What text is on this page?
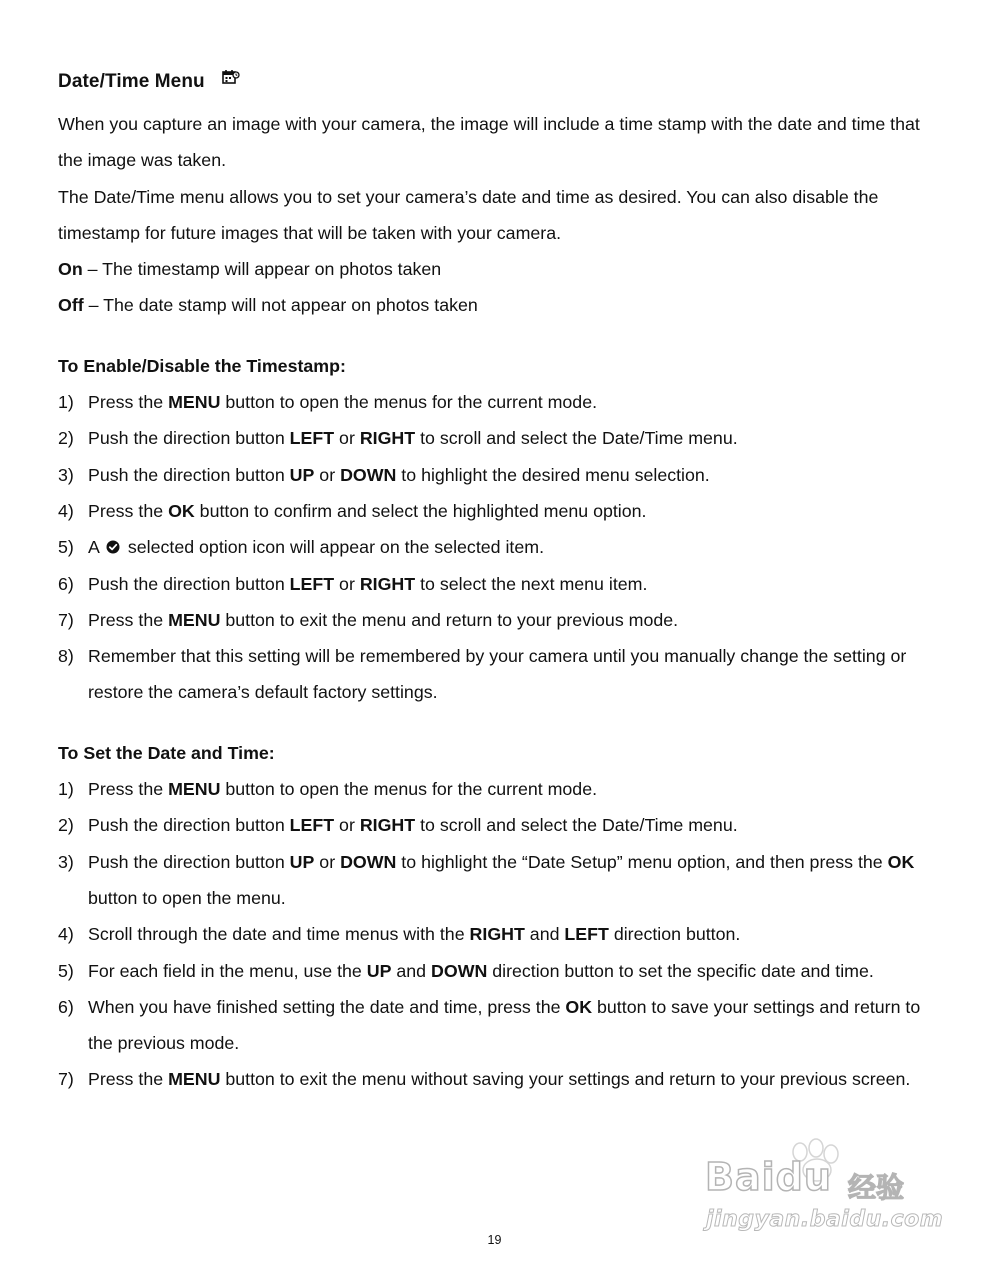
Date/Time Menu

When you capture an image with your camera, the image will include a time stamp with the date and time that the image was taken.

The Date/Time menu allows you to set your camera’s date and time as desired. You can also disable the timestamp for future images that will be taken with your camera.

On – The timestamp will appear on photos taken

Off – The date stamp will not appear on photos taken

To Enable/Disable the Timestamp:

1) Press the MENU button to open the menus for the current mode.
2) Push the direction button LEFT or RIGHT to scroll and select the Date/Time menu.
3) Push the direction button UP or DOWN to highlight the desired menu selection.
4) Press the OK button to confirm and select the highlighted menu option.
5) A selected option icon will appear on the selected item.
6) Push the direction button LEFT or RIGHT to select the next menu item.
7) Press the MENU button to exit the menu and return to your previous mode.
8) Remember that this setting will be remembered by your camera until you manually change the setting or restore the camera’s default factory settings.

To Set the Date and Time:

1) Press the MENU button to open the menus for the current mode.
2) Push the direction button LEFT or RIGHT to scroll and select the Date/Time menu.
3) Push the direction button UP or DOWN to highlight the “Date Setup” menu option, and then press the OK button to open the menu.
4) Scroll through the date and time menus with the RIGHT and LEFT direction button.
5) For each field in the menu, use the UP and DOWN direction button to set the specific date and time.
6) When you have finished setting the date and time, press the OK button to save your settings and return to the previous mode.
7) Press the MENU button to exit the menu without saving your settings and return to your previous screen.
Baidu 经验
jingyan.baidu.com
19
